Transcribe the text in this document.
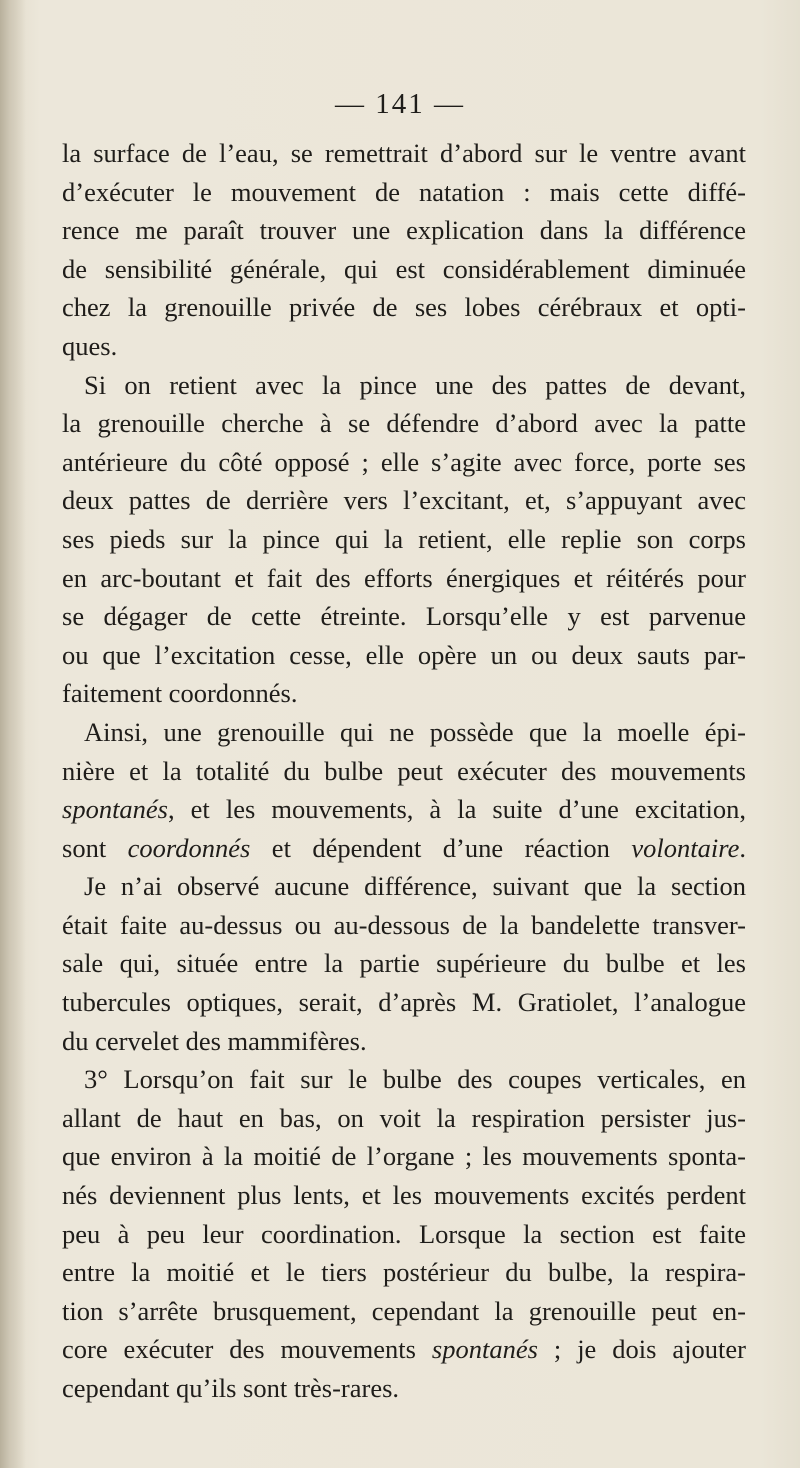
— 141 —
la surface de l’eau, se remettrait d’abord sur le ventre avant
d’exécuter le mouvement de natation : mais cette diffé-
rence me paraît trouver une explication dans la différence
de sensibilité générale, qui est considérablement diminuée
chez la grenouille privée de ses lobes cérébraux et opti-
ques.
Si on retient avec la pince une des pattes de devant,
la grenouille cherche à se défendre d’abord avec la patte
antérieure du côté opposé ; elle s’agite avec force, porte ses
deux pattes de derrière vers l’excitant, et, s’appuyant avec
ses pieds sur la pince qui la retient, elle replie son corps
en arc-boutant et fait des efforts énergiques et réitérés pour
se dégager de cette étreinte. Lorsqu’elle y est parvenue
ou que l’excitation cesse, elle opère un ou deux sauts par-
faitement coordonnés.
Ainsi, une grenouille qui ne possède que la moelle épi-
nière et la totalité du bulbe peut exécuter des mouvements
spontanés, et les mouvements, à la suite d’une excitation,
sont coordonnés et dépendent d’une réaction volontaire.
Je n’ai observé aucune différence, suivant que la section
était faite au-dessus ou au-dessous de la bandelette transver-
sale qui, située entre la partie supérieure du bulbe et les
tubercules optiques, serait, d’après M. Gratiolet, l’analogue
du cervelet des mammifères.
3° Lorsqu’on fait sur le bulbe des coupes verticales, en
allant de haut en bas, on voit la respiration persister jus-
que environ à la moitié de l’organe ; les mouvements sponta-
nés deviennent plus lents, et les mouvements excités perdent
peu à peu leur coordination. Lorsque la section est faite
entre la moitié et le tiers postérieur du bulbe, la respira-
tion s’arrête brusquement, cependant la grenouille peut en-
core exécuter des mouvements spontanés ; je dois ajouter
cependant qu’ils sont très-rares.
